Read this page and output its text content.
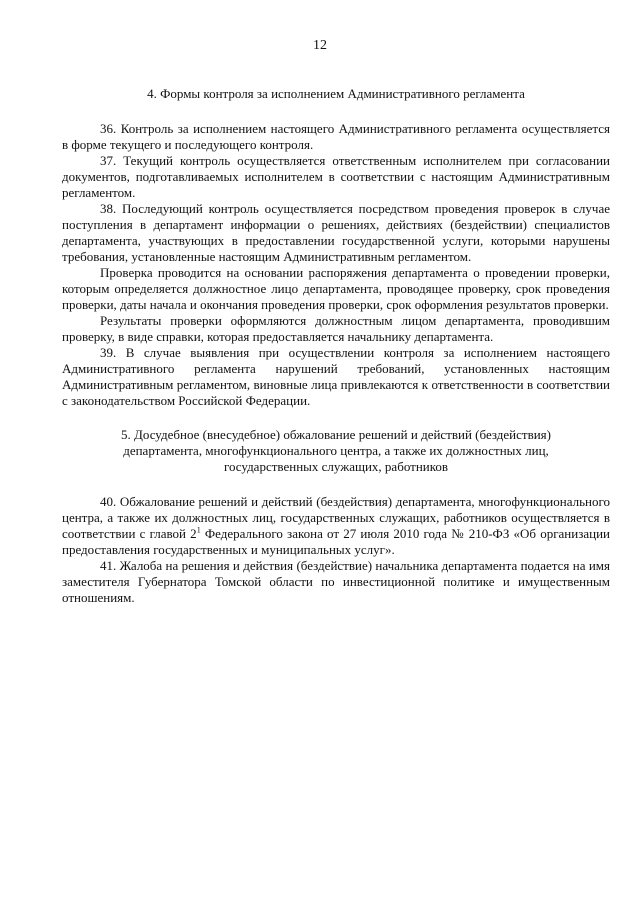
12

4. Формы контроля за исполнением Административного регламента

36. Контроль за исполнением настоящего Административного регламента осуществляется в форме текущего и последующего контроля.

37. Текущий контроль осуществляется ответственным исполнителем при согласовании документов, подготавливаемых исполнителем в соответствии с настоящим Административным регламентом.

38. Последующий контроль осуществляется посредством проведения проверок в случае поступления в департамент информации о решениях, действиях (бездействии) специалистов департамента, участвующих в предоставлении государственной услуги, которыми нарушены требования, установленные настоящим Административным регламентом.

Проверка проводится на основании распоряжения департамента о проведении проверки, которым определяется должностное лицо департамента, проводящее проверку, срок проведения проверки, даты начала и окончания проведения проверки, срок оформления результатов проверки.

Результаты проверки оформляются должностным лицом департамента, проводившим проверку, в виде справки, которая предоставляется начальнику департамента.

39. В случае выявления при осуществлении контроля за исполнением настоящего Административного регламента нарушений требований, установленных настоящим Административным регламентом, виновные лица привлекаются к ответственности в соответствии с законодательством Российской Федерации.

5. Досудебное (внесудебное) обжалование решений и действий (бездействия) департамента, многофункционального центра, а также их должностных лиц, государственных служащих, работников

40. Обжалование решений и действий (бездействия) департамента, многофункционального центра, а также их должностных лиц, государственных служащих, работников осуществляется в соответствии с главой $2^1$ Федерального закона от 27 июля 2010 года № 210-ФЗ «Об организации предоставления государственных и муниципальных услуг».

41. Жалоба на решения и действия (бездействие) начальника департамента подается на имя заместителя Губернатора Томской области по инвестиционной политике и имущественным отношениям.
